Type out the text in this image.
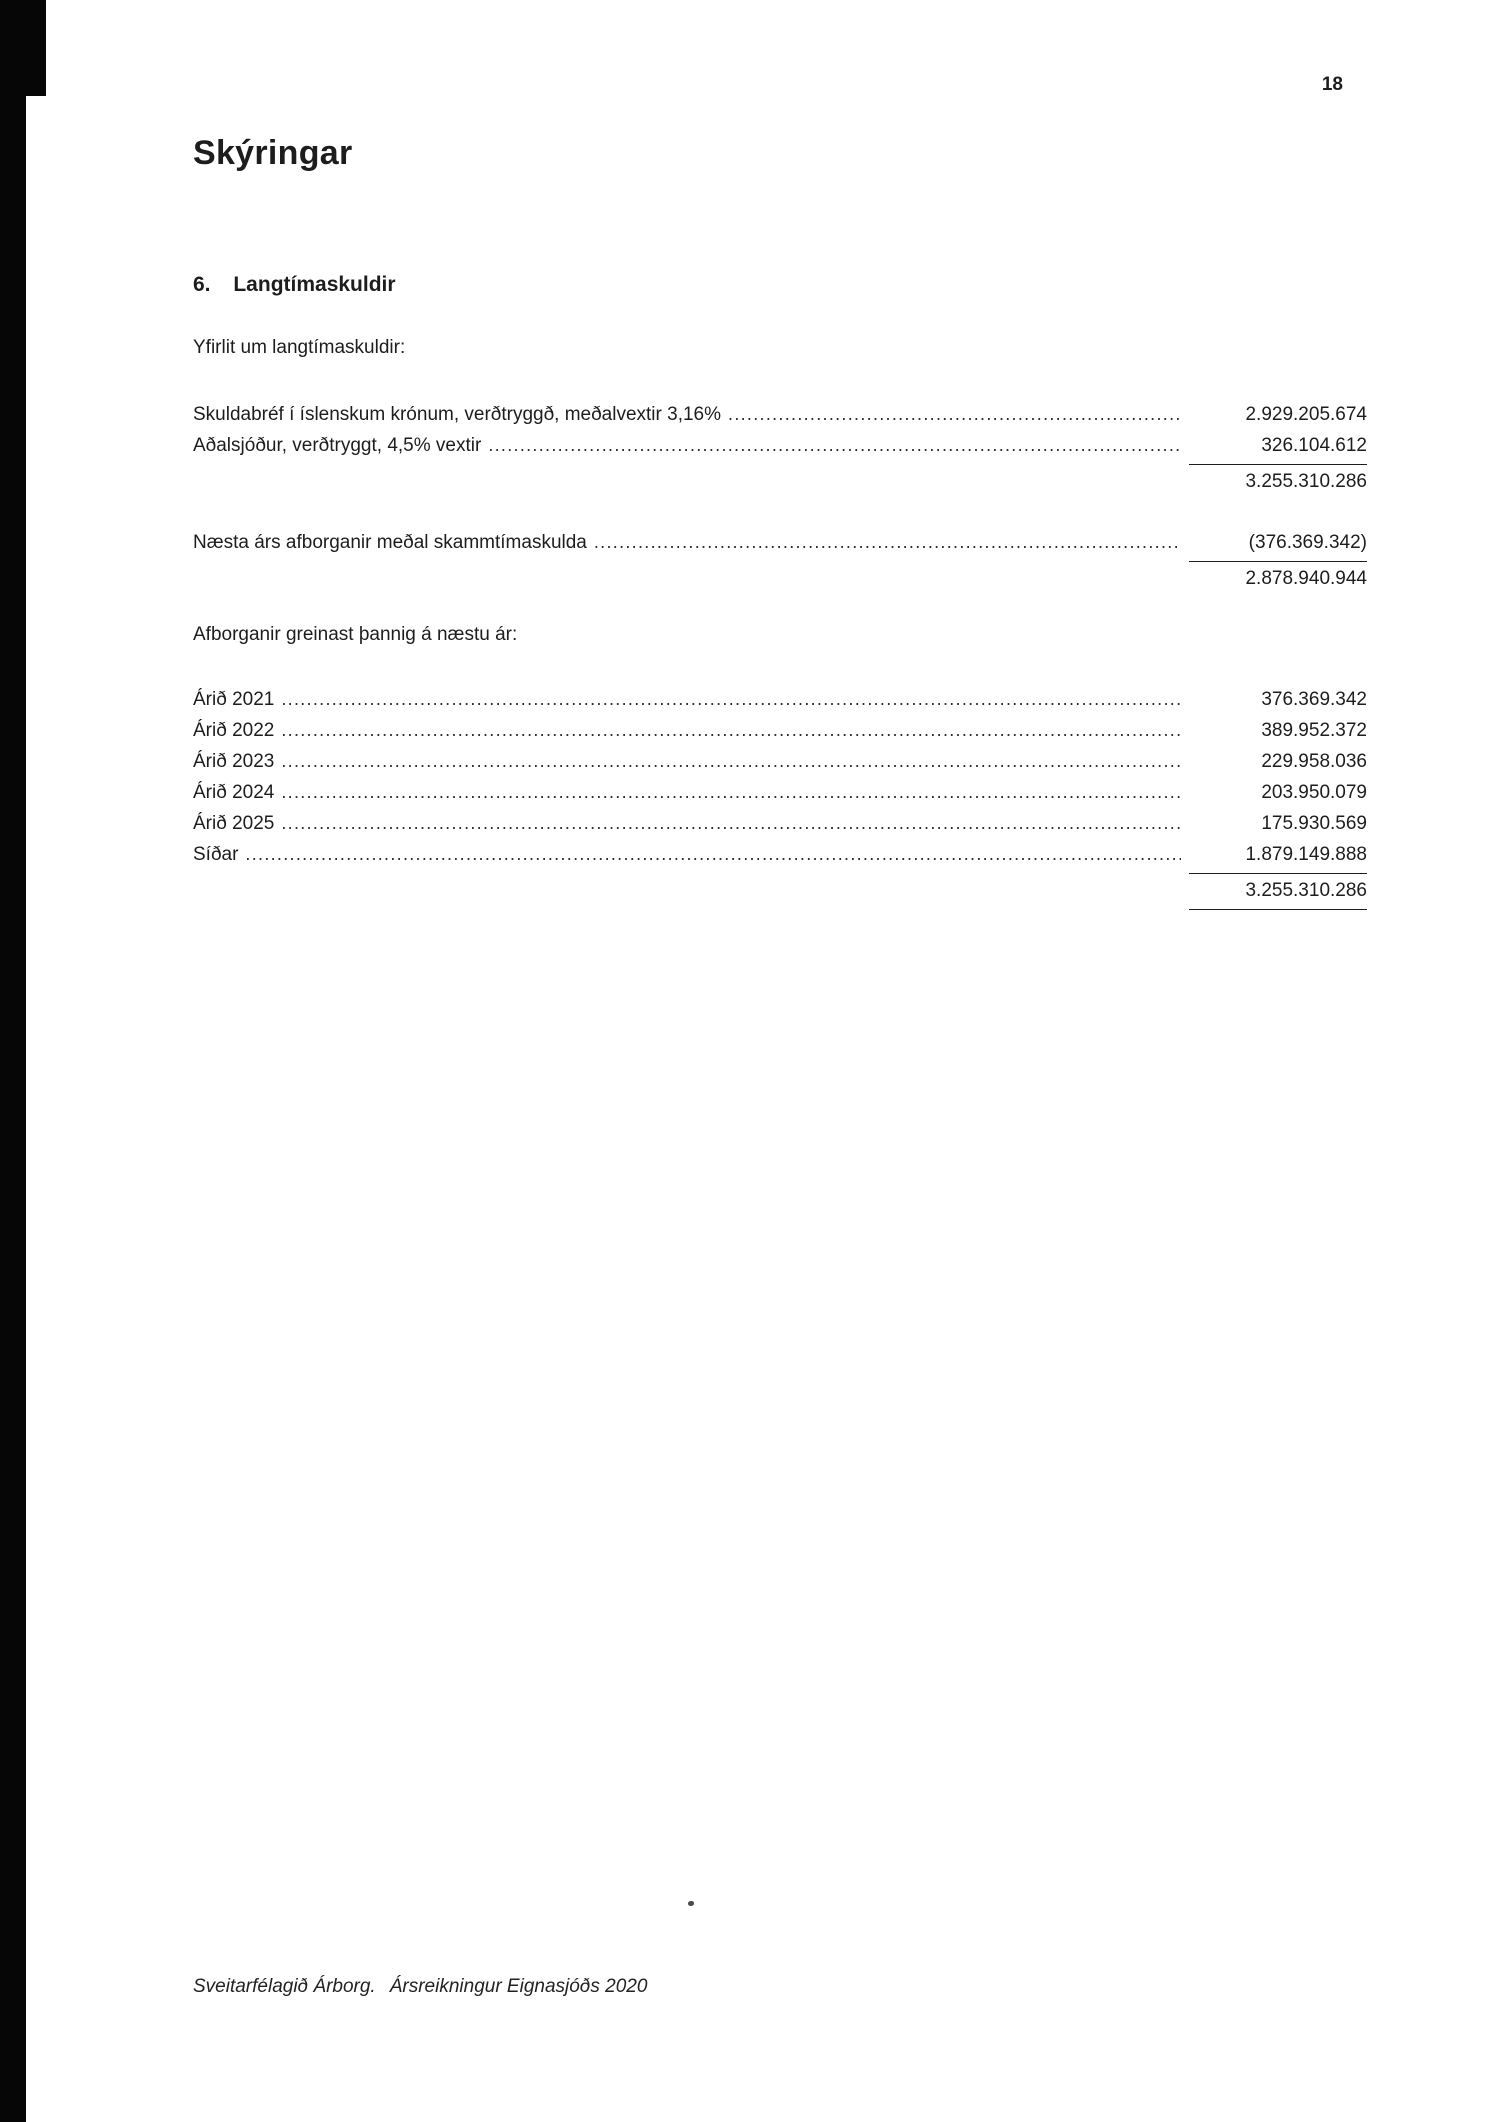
18
Skýringar
6. Langtímaskuldir
Yfirlit um langtímaskuldir:
Skuldabréf í íslenskum krónum, verðtryggð, meðalvextir 3,16% .....	2.929.205.674
Aðalsjóður, verðtryggt, 4,5% vextir .....	326.104.612
3.255.310.286
Næsta árs afborganir meðal skammtímaskulda .....	(376.369.342)
2.878.940.944
Afborganir greinast þannig á næstu ár:
Árið 2021 .....	376.369.342
Árið 2022 .....	389.952.372
Árið 2023 .....	229.958.036
Árið 2024 .....	203.950.079
Árið 2025 .....	175.930.569
Síðar .....	1.879.149.888
3.255.310.286
Sveitarfélagið Árborg. Ársreikningur Eignasjóðs 2020
